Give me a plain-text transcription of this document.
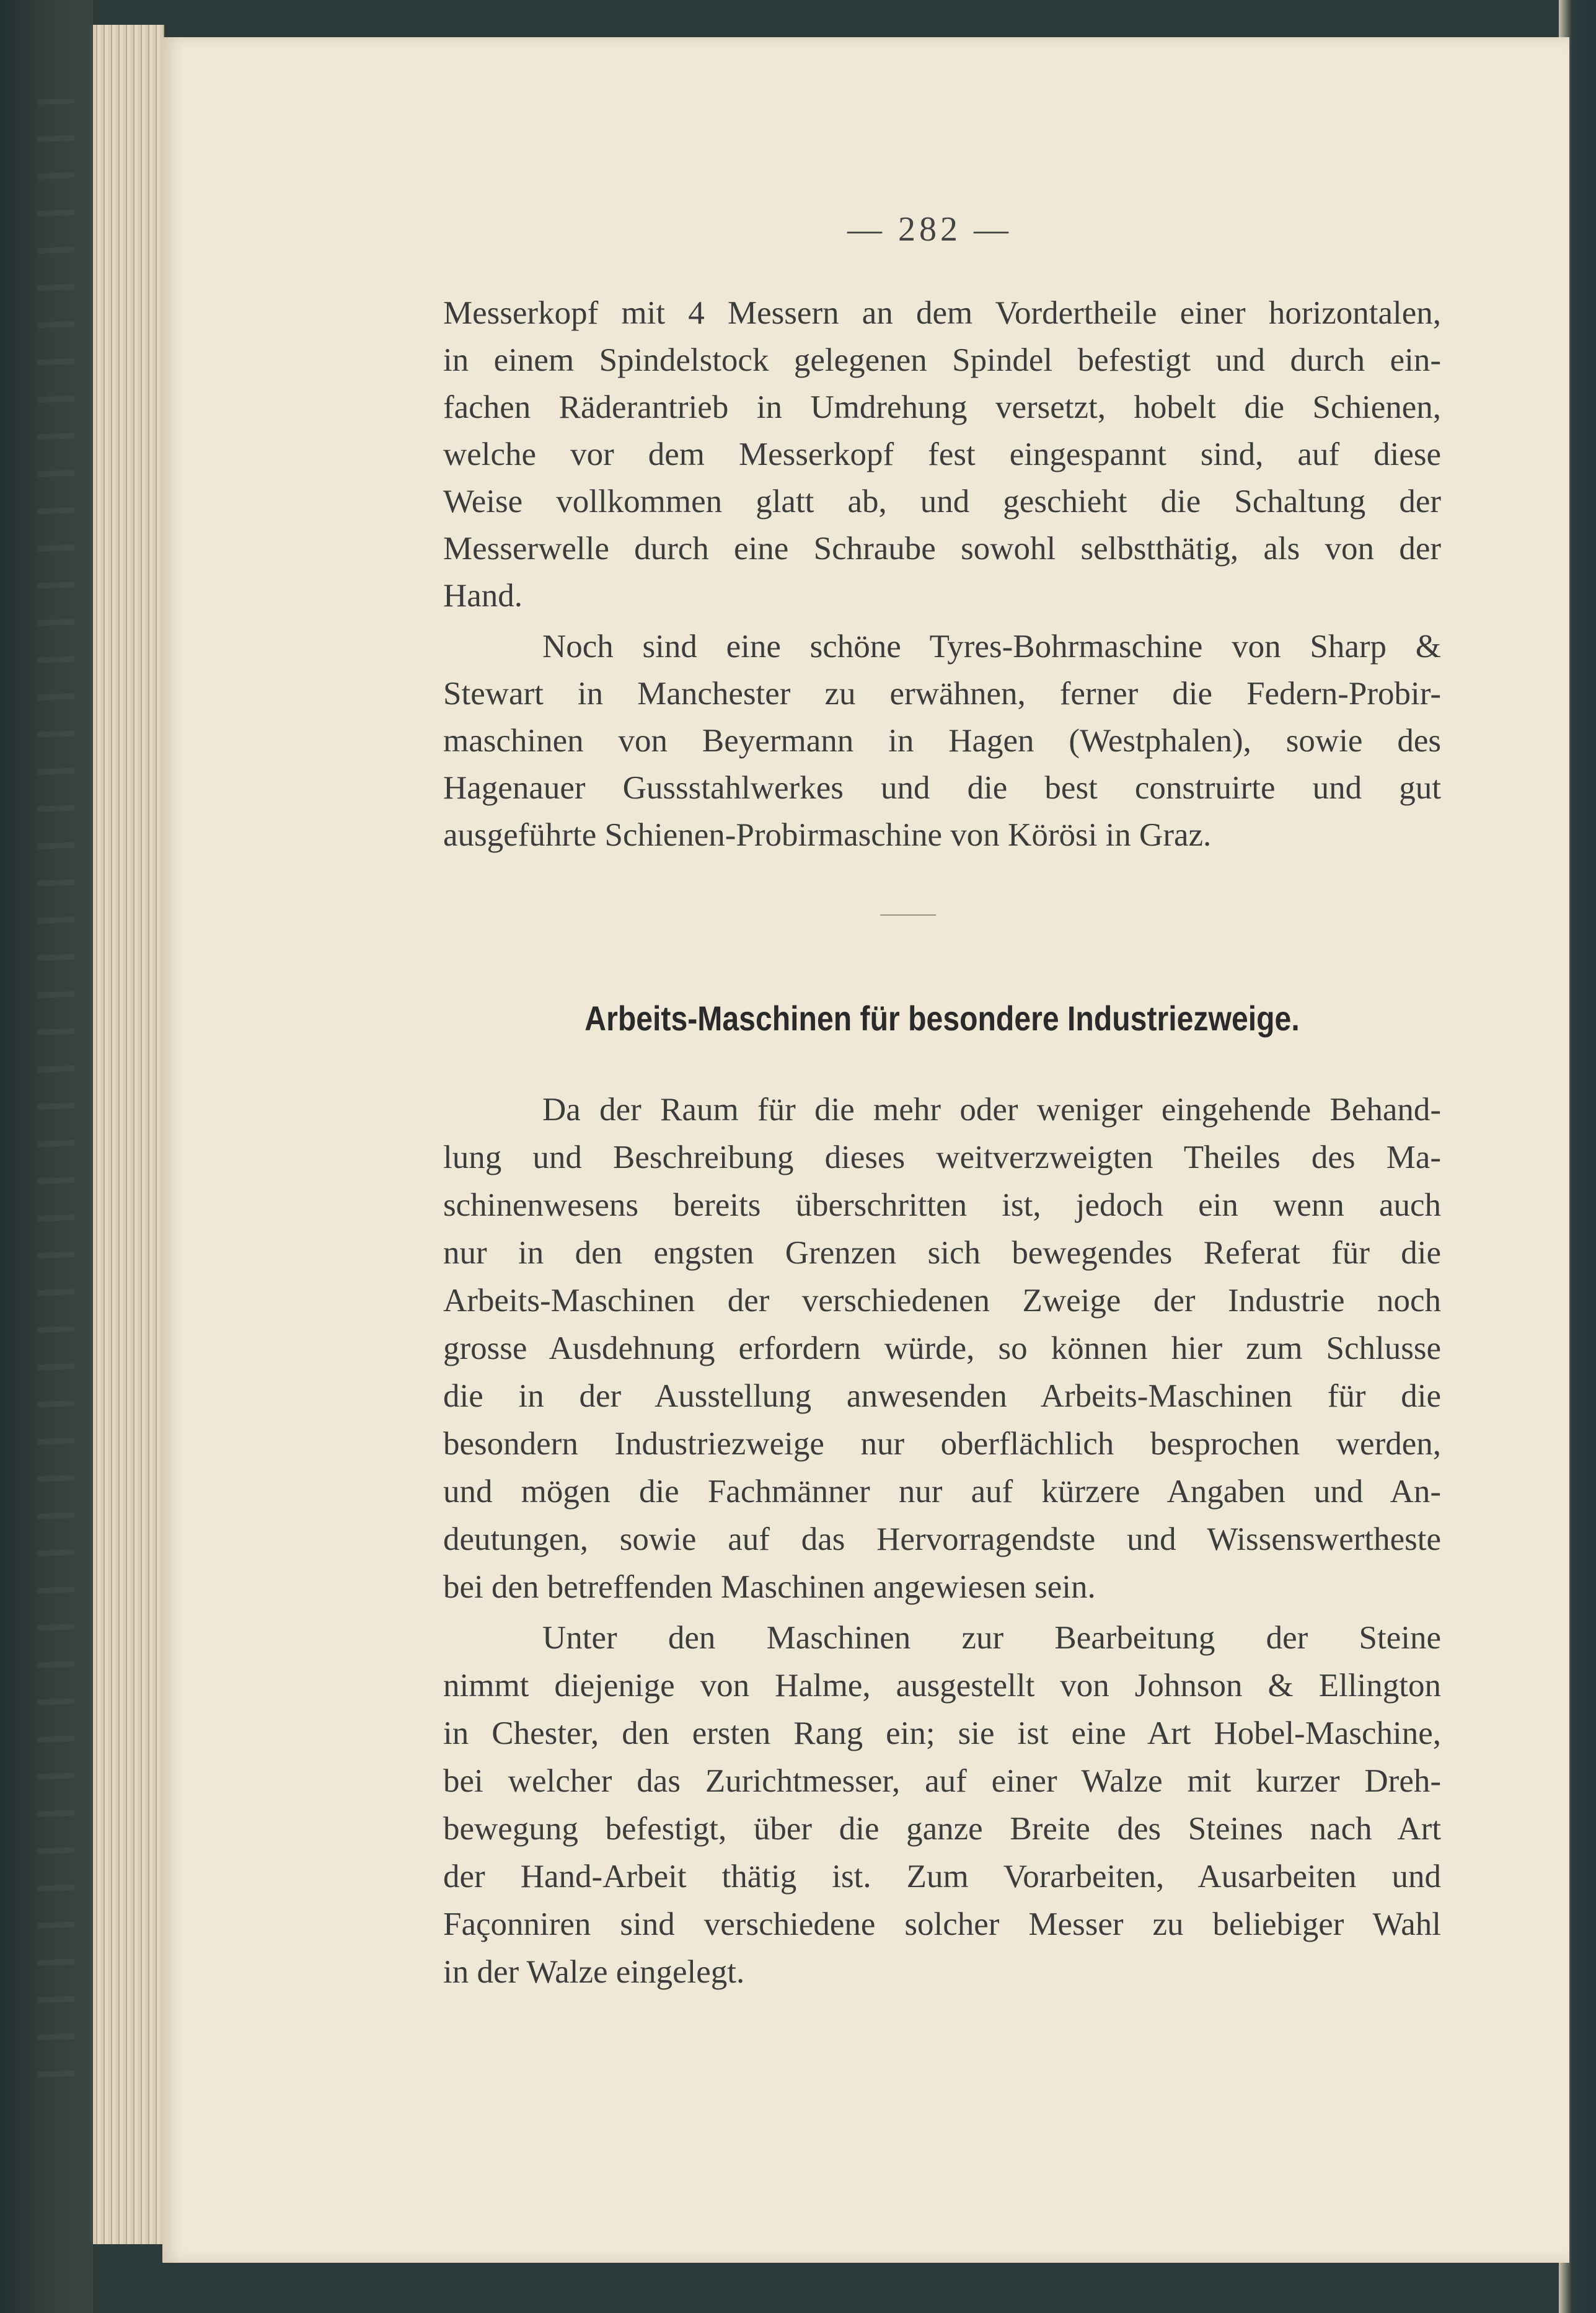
— 282 —
Messerkopf mit 4 Messern an dem Vordertheile einer horizontalen,
in einem Spindelstock gelegenen Spindel befestigt und durch ein-
fachen Räderantrieb in Umdrehung versetzt, hobelt die Schienen,
welche vor dem Messerkopf fest eingespannt sind, auf diese
Weise vollkommen glatt ab, und geschieht die Schaltung der
Messerwelle durch eine Schraube sowohl selbstthätig, als von der
Hand.
Noch sind eine schöne Tyres-Bohrmaschine von Sharp &
Stewart in Manchester zu erwähnen, ferner die Federn-Probir-
maschinen von Beyermann in Hagen (Westphalen), sowie des
Hagenauer Gussstahlwerkes und die best construirte und gut
ausgeführte Schienen-Probirmaschine von Körösi in Graz.
Arbeits-Maschinen für besondere Industriezweige.
Da der Raum für die mehr oder weniger eingehende Behand-
lung und Beschreibung dieses weitverzweigten Theiles des Ma-
schinenwesens bereits überschritten ist, jedoch ein wenn auch
nur in den engsten Grenzen sich bewegendes Referat für die
Arbeits-Maschinen der verschiedenen Zweige der Industrie noch
grosse Ausdehnung erfordern würde, so können hier zum Schlusse
die in der Ausstellung anwesenden Arbeits-Maschinen für die
besondern Industriezweige nur oberflächlich besprochen werden,
und mögen die Fachmänner nur auf kürzere Angaben und An-
deutungen, sowie auf das Hervorragendste und Wissenswertheste
bei den betreffenden Maschinen angewiesen sein.
Unter den Maschinen zur Bearbeitung der Steine
nimmt diejenige von Halme, ausgestellt von Johnson & Ellington
in Chester, den ersten Rang ein; sie ist eine Art Hobel-Maschine,
bei welcher das Zurichtmesser, auf einer Walze mit kurzer Dreh-
bewegung befestigt, über die ganze Breite des Steines nach Art
der Hand-Arbeit thätig ist. Zum Vorarbeiten, Ausarbeiten und
Façonniren sind verschiedene solcher Messer zu beliebiger Wahl
in der Walze eingelegt.
